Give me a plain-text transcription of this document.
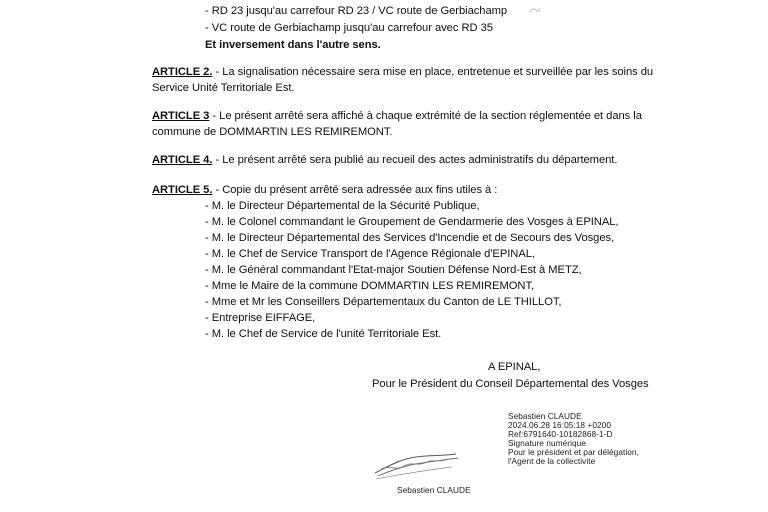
- RD 23 jusqu'au carrefour RD 23 / VC route de Gerbiachamp
- VC route de Gerbiachamp jusqu'au carrefour avec RD 35
Et inversement dans l'autre sens.
ARTICLE 2. - La signalisation nécessaire sera mise en place, entretenue et surveillée par les soins du
Service Unité Territoriale Est.
ARTICLE 3 - Le présent arrêté sera affiché à chaque extrémité de la section réglementée et dans la
commune de DOMMARTIN LES REMIREMONT.
ARTICLE 4. - Le présent arrêté sera publié au recueil des actes administratifs du département.
ARTICLE 5. - Copie du présent arrêté sera adressée aux fins utiles à :
- M. le Directeur Départemental de la Sécurité Publique,
- M. le Colonel commandant le Groupement de Gendarmerie des Vosges à EPINAL,
- M. le Directeur Départemental des Services d'Incendie et de Secours des Vosges,
- M. le Chef de Service Transport de l'Agence Régionale d'EPINAL,
- M. le Général commandant l'Etat-major Soutien Défense Nord-Est à METZ,
- Mme le Maire de la commune DOMMARTIN LES REMIREMONT,
- Mme et Mr les Conseillers Départementaux du Canton de LE THILLOT,
- Entreprise EIFFAGE,
- M. le Chef de Service de l'unité Territoriale Est.
A EPINAL,
Pour le Président du Conseil Départemental des Vosges
Sebastien CLAUDE
2024.06.28 16:05:18 +0200
Ref:6791640-10182868-1-D
Signature numérique
Pour le président et par délégation,
l'Agent de la collectivite
Sebastien CLAUDE
